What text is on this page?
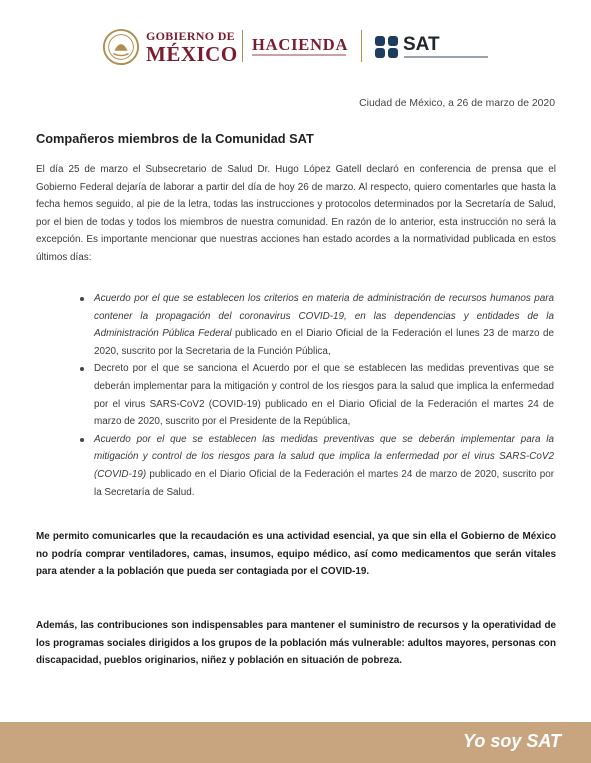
GOBIERNO DE
MÉXICO HACIENDA	SAT
Ciudad de México, a 26 de marzo de 2020
Compañeros miembros de la Comunidad SAT
El día 25 de marzo el Subsecretario de Salud Dr. Hugo López Gatell declaró en conferencia de prensa que el Gobierno Federal dejaría de laborar a partir del día de hoy 26 de marzo. Al respecto, quiero comentarles que hasta la fecha hemos seguido, al pie de la letra, todas las instrucciones y protocolos determinados por la Secretaría de Salud, por el bien de todas y todos los miembros de nuestra comunidad. En razón de lo anterior, esta instrucción no será la excepción. Es importante mencionar que nuestras acciones han estado acordes a la normatividad publicada en estos últimos días:
Acuerdo por el que se establecen los criterios en materia de administración de recursos humanos para contener la propagación del coronavirus COVID-19, en las dependencias y entidades de la Administración Pública Federal publicado en el Diario Oficial de la Federación el lunes 23 de marzo de 2020, suscrito por la Secretaria de la Función Pública,
Decreto por el que se sanciona el Acuerdo por el que se establecen las medidas preventivas que se deberán implementar para la mitigación y control de los riesgos para la salud que implica la enfermedad por el virus SARS-CoV2 (COVID-19) publicado en el Diario Oficial de la Federación el martes 24 de marzo de 2020, suscrito por el Presidente de la República,
Acuerdo por el que se establecen las medidas preventivas que se deberán implementar para la mitigación y control de los riesgos para la salud que implica la enfermedad por el virus SARS-CoV2 (COVID-19) publicado en el Diario Oficial de la Federación el martes 24 de marzo de 2020, suscrito por la Secretaría de Salud.
Me permito comunicarles que la recaudación es una actividad esencial, ya que sin ella el Gobierno de México no podría comprar ventiladores, camas, insumos, equipo médico, así como medicamentos que serán vitales para atender a la población que pueda ser contagiada por el COVID-19.
Además, las contribuciones son indispensables para mantener el suministro de recursos y la operatividad de los programas sociales dirigidos a los grupos de la población más vulnerable: adultos mayores, personas con discapacidad, pueblos originarios, niñez y población en situación de pobreza.
Yo soy SAT
